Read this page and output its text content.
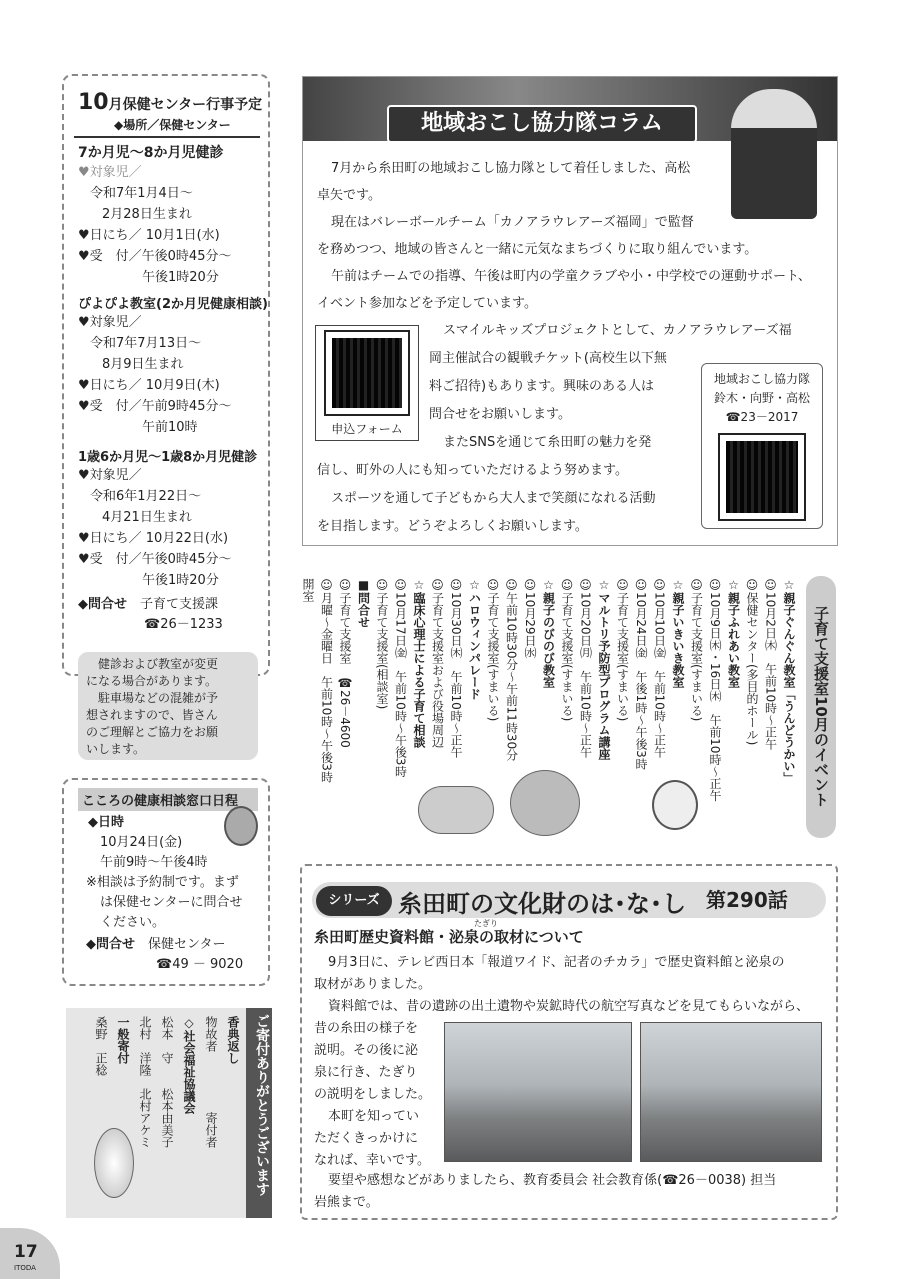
10月保健センター行事予定
◆場所／保健センター
7か月児～8か月児健診
♥対象児／
令和7年1月4日～
2月28日生まれ
♥日にち／ 10月1日(水)
♥受　付／午後0時45分～
午後1時20分
ぴよぴよ教室(2か月児健康相談)
♥対象児／
令和7年7月13日～
8月9日生まれ
♥日にち／ 10月9日(木)
♥受　付／午前9時45分～
午前10時
1歳6か月児～1歳8か月児健診
♥対象児／
令和6年1月22日～
4月21日生まれ
♥日にち／ 10月22日(水)
♥受　付／午後0時45分～
午後1時20分
◆問合せ　 子育て支援課
☎26－1233
健診および教室が変更
になる場合があります。
駐車場などの混雑が予
想されますので、皆さん
のご理解とご協力をお願
いします。
こころの健康相談窓口日程
◆日時
10月24日(金)
午前9時～午後4時
※相談は予約制です。まず
は保健センターに問合せ
ください。
◆問合せ　 保健センター
☎49 － 9020
ご寄付ありがとうございます
香典返し
物故者　　　　　寄付者
◇社会福祉協議会
松本　守　　松本由美子
北村　洋隆　北村アケミ
一般寄付
桑野　正稔
地域おこし協力隊コラム
7月から糸田町の地域おこし協力隊として着任しました、高松
卓矢です。
現在はバレーボールチーム「カノアラウレアーズ福岡」で監督
を務めつつ、地域の皆さんと一緒に元気なまちづくりに取り組んでいます。
午前はチームでの指導、午後は町内の学童クラブや小・中学校での運動サポート、
イベント参加などを予定しています。
申込フォーム
スマイルキッズプロジェクトとして、カノアラウレアーズ福
岡主催試合の観戦チケット(高校生以下無
料ご招待)もあります。興味のある人は
問合せをお願いします。
またSNSを通じて糸田町の魅力を発
信し、町外の人にも知っていただけるよう努めます。
スポーツを通して子どもから大人まで笑顔になれる活動
を目指します。どうぞよろしくお願いします。
地域おこし協力隊
鈴木・向野・高松
☎23－2017
子育て支援室10月のイベント
☆親子ぐんぐん教室「うんどうかい」
☺10月2日㈭　午前10時～正午
☺保健センター(多目的ホール)
☆親子ふれあい教室
☺10月9日㈭・16日㈭　午前10時～正午
☺子育て支援室(すまいる)
☆親子いきいき教室
☺10月10日㈮　午前10時～正午
☺10月24日㈮　午後1時～午後3時
☺子育て支援室(すまいる)
☆マルトリ予防型プログラム講座
☺10月20日㈪　午前10時～正午
☺子育て支援室(すまいる)
☆親子のびのび教室
☺10月29日㈬
☺午前10時30分～午前11時30分
☺子育て支援室(すまいる)
☆ハロウィンパレード
☺10月30日㈭　午前10時～正午
☺子育て支援室および役場周辺
☆臨床心理士による子育て相談
☺10月17日㈮　午前10時～午後3時
☺子育て支援室(相談室)
■問合せ
☺子育て支援室　☎26－4600
☺月曜～金曜日　午前10時～午後3時
開室
シリーズ 糸田町の文化財のは･な･し 第290話
たぎり
糸田町歴史資料館・泌泉の取材について
9月3日に、テレビ西日本「報道ワイド、記者のチカラ」で歴史資料館と泌泉の
取材がありました。
資料館では、昔の遺跡の出土遺物や炭鉱時代の航空写真などを見てもらいながら、
昔の糸田の様子を
説明。その後に泌
泉に行き、たぎり
の説明をしました。
本町を知ってい
ただくきっかけに
なれば、幸いです。
要望や感想などがありましたら、教育委員会 社会教育係(☎26－0038) 担当
岩熊まで。
17
ITODA
